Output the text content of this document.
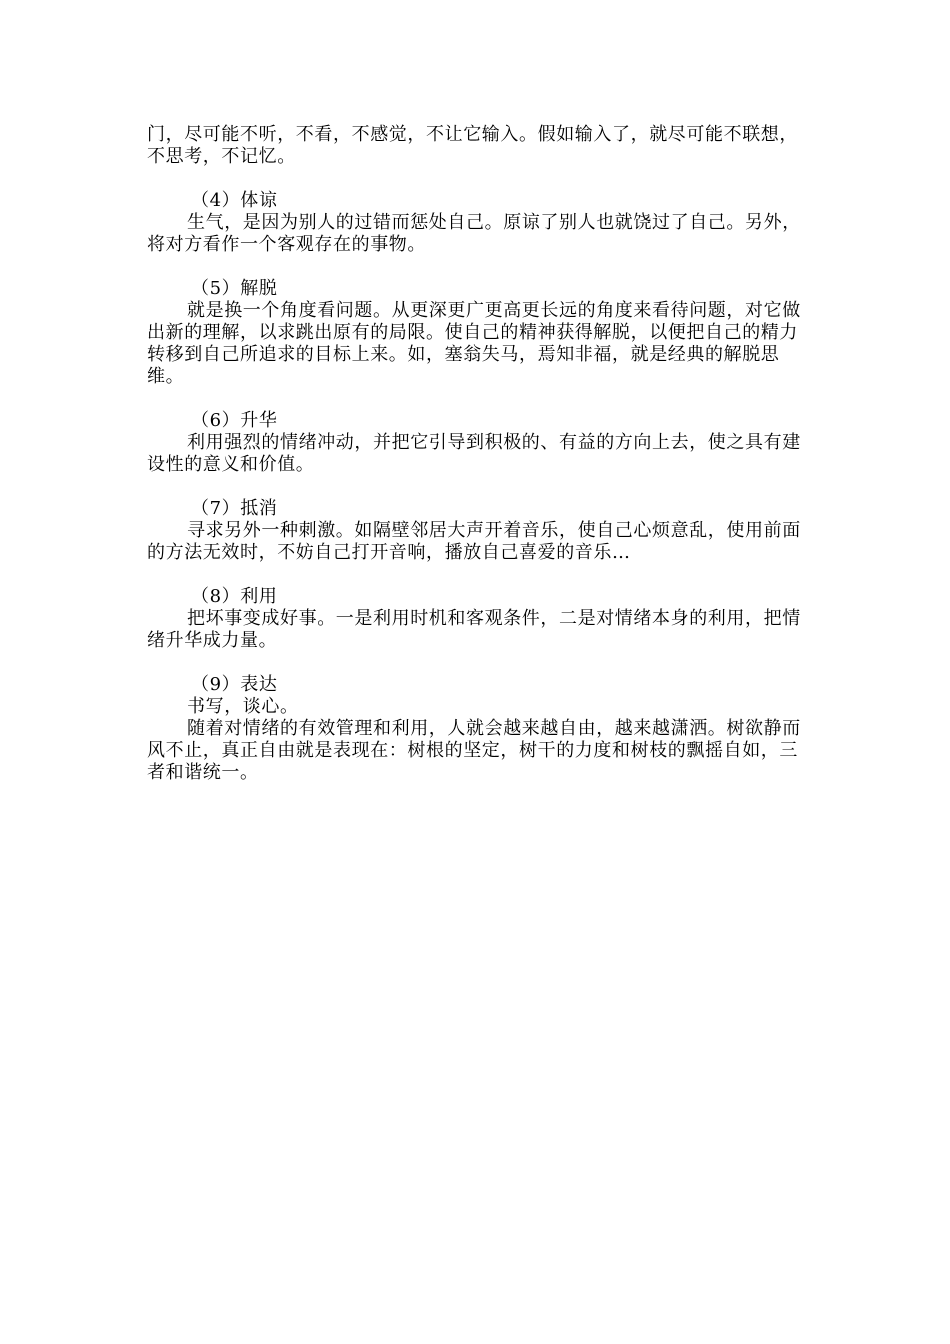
门，尽可能不听，不看，不感觉，不让它输入。假如输入了，就尽可能不联想，不思考，不记忆。

（4）体谅

生气，是因为别人的过错而惩处自己。原谅了别人也就饶过了自己。另外，将对方看作一个客观存在的事物。

（5）解脱

就是换一个角度看问题。从更深更广更高更长远的角度来看待问题，对它做出新的理解，以求跳出原有的局限。使自己的精神获得解脱，以便把自己的精力转移到自己所追求的目标上来。如，塞翁失马，焉知非福，就是经典的解脱思维。

（6）升华

利用强烈的情绪冲动，并把它引导到积极的、有益的方向上去，使之具有建设性的意义和价值。

（7）抵消

寻求另外一种刺激。如隔壁邻居大声开着音乐，使自己心烦意乱，使用前面的方法无效时，不妨自己打开音响，播放自己喜爱的音乐…

（8）利用

把坏事变成好事。一是利用时机和客观条件，二是对情绪本身的利用，把情绪升华成力量。

（9）表达

书写，谈心。

随着对情绪的有效管理和利用，人就会越来越自由，越来越潇洒。树欲静而风不止，真正自由就是表现在：树根的坚定，树干的力度和树枝的飘摇自如，三者和谐统一。
